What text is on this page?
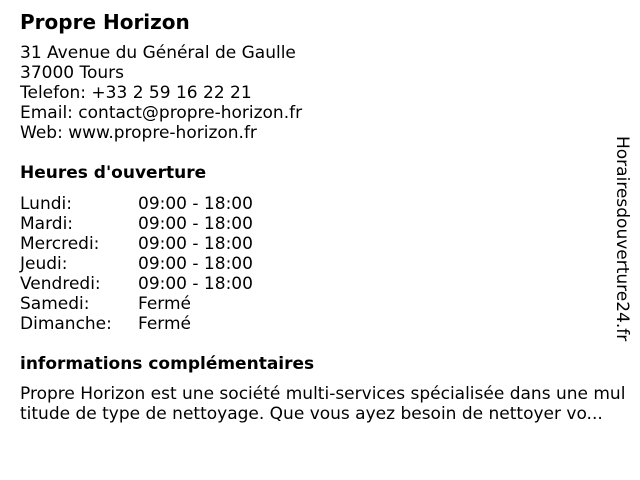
Propre Horizon
31 Avenue du Général de Gaulle
37000 Tours
Telefon: +33 2 59 16 22 21
Email: contact@propre-horizon.fr
Web: www.propre-horizon.fr
Heures d'ouverture
Lundi:	09:00 - 18:00
Mardi:	09:00 - 18:00
Mercredi:	09:00 - 18:00
Jeudi:	09:00 - 18:00
Vendredi:	09:00 - 18:00
Samedi:	Fermé
Dimanche:	Fermé
informations complémentaires
Propre Horizon est une société multi-services spécialisée dans une multitude de type de nettoyage. Que vous ayez besoin de nettoyer vo...
Horairesdouverture24.fr
